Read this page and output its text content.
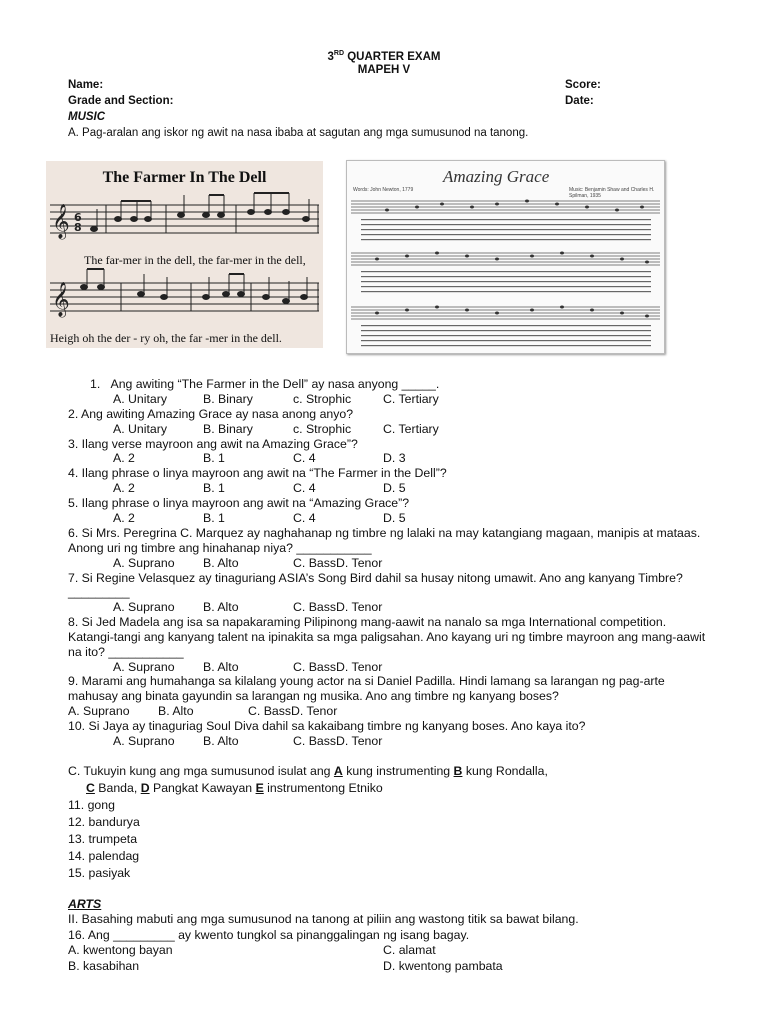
3RD QUARTER EXAM
MAPEH V
Name:	Score:
Grade and Section:	Date:
MUSIC
A. Pag-aralan ang iskor ng awit na nasa ibaba at sagutan ang mga sumusunod na tanong.
The Farmer In The Dell
𝄞
𝄞
6
8
The far-mer in the dell, the far-mer in the dell,
Heigh oh the der - ry oh, the far -mer in the dell.
Amazing Grace
Words: John Newton, 1779	Music: Benjamin Shaw and Charles H. Spilman, 1935
1. Ang awiting “The Farmer in the Dell” ay nasa anyong _____.
A. Unitary	B. Binary	c. Strophic	C. Tertiary
2. Ang awiting Amazing Grace ay nasa anong anyo?
A. Unitary	B. Binary	c. Strophic	C. Tertiary
3. Ilang verse mayroon ang awit na Amazing Grace”?
A. 2	B. 1	C. 4	D. 3
4. Ilang phrase o linya mayroon ang awit na “The Farmer in the Dell”?
A. 2	B. 1	C. 4	D. 5
5. Ilang phrase o linya mayroon ang awit na “Amazing Grace”?
A. 2	B. 1	C. 4	D. 5
6. Si Mrs. Peregrina C. Marquez ay naghahanap ng timbre ng lalaki na may katangiang magaan, manipis at mataas.
Anong uri ng timbre ang hinahanap niya? ___________
A. Suprano B. Alto	C. BassD. Tenor
7. Si Regine Velasquez ay tinaguriang ASIA’s Song Bird dahil sa husay nitong umawit. Ano ang kanyang Timbre?
_________
A. Suprano B. Alto	C. BassD. Tenor
8. Si Jed Madela ang isa sa napakaraming Pilipinong mang-aawit na nanalo sa mga International competition.
Katangi-tangi ang kanyang talent na ipinakita sa mga paligsahan. Ano kayang uri ng timbre mayroon ang mang-aawit
na ito? ___________
A. Suprano B. Alto	C. BassD. Tenor
9. Marami ang humahanga sa kilalang young actor na si Daniel Padilla. Hindi lamang sa larangan ng pag-arte
mahusay ang binata gayundin sa larangan ng musika. Ano ang timbre ng kanyang boses?
A. Suprano B. Alto	C. BassD. Tenor
10. Si Jaya ay tinaguriag Soul Diva dahil sa kakaibang timbre ng kanyang boses. Ano kaya ito?
A. Suprano B. Alto	C. BassD. Tenor
C. Tukuyin kung ang mga sumusunod isulat ang A kung instrumenting B kung Rondalla,
C Banda, D Pangkat Kawayan E instrumentong Etniko
11. gong
12. bandurya
13. trumpeta
14. palendag
15. pasiyak
ARTS
II. Basahing mabuti ang mga sumusunod na tanong at piliin ang wastong titik sa bawat bilang.
16. Ang _________ ay kwento tungkol sa pinanggalingan ng isang bagay.
A. kwentong bayan	C. alamat
B. kasabihan	D. kwentong pambata
